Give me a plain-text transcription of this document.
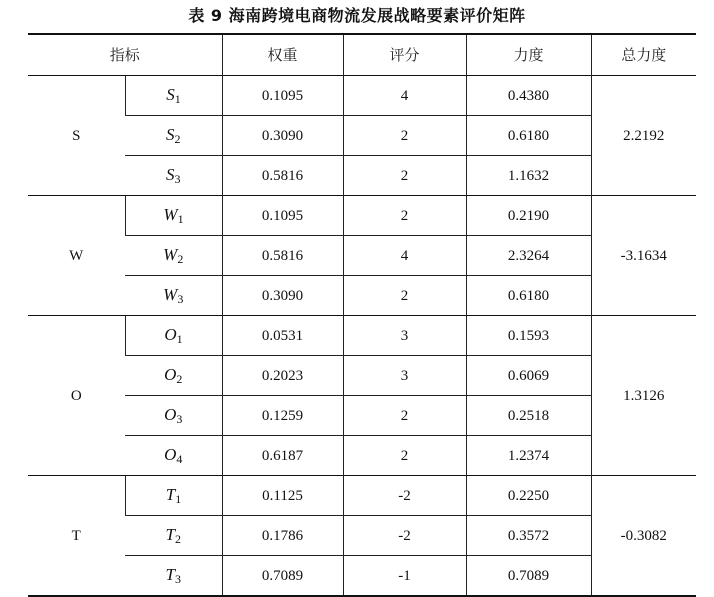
表 9 海南跨境电商物流发展战略要素评价矩阵
指标		权重	评分	力度	总力度
S	$S_1$	0.1095	4	0.4380	2.2192
	$S_2$	0.3090	2	0.6180	
	$S_3$	0.5816	2	1.1632	
W	$W_1$	0.1095	2	0.2190	-3.1634
	$W_2$	0.5816	4	2.3264	
	$W_3$	0.3090	2	0.6180	
O	$O_1$	0.0531	3	0.1593	1.3126
	$O_2$	0.2023	3	0.6069	
	$O_3$	0.1259	2	0.2518	
	$O_4$	0.6187	2	1.2374	
T	$T_1$	0.1125	-2	0.2250	-0.3082
	$T_2$	0.1786	-2	0.3572	
	$T_3$	0.7089	-1	0.7089	
